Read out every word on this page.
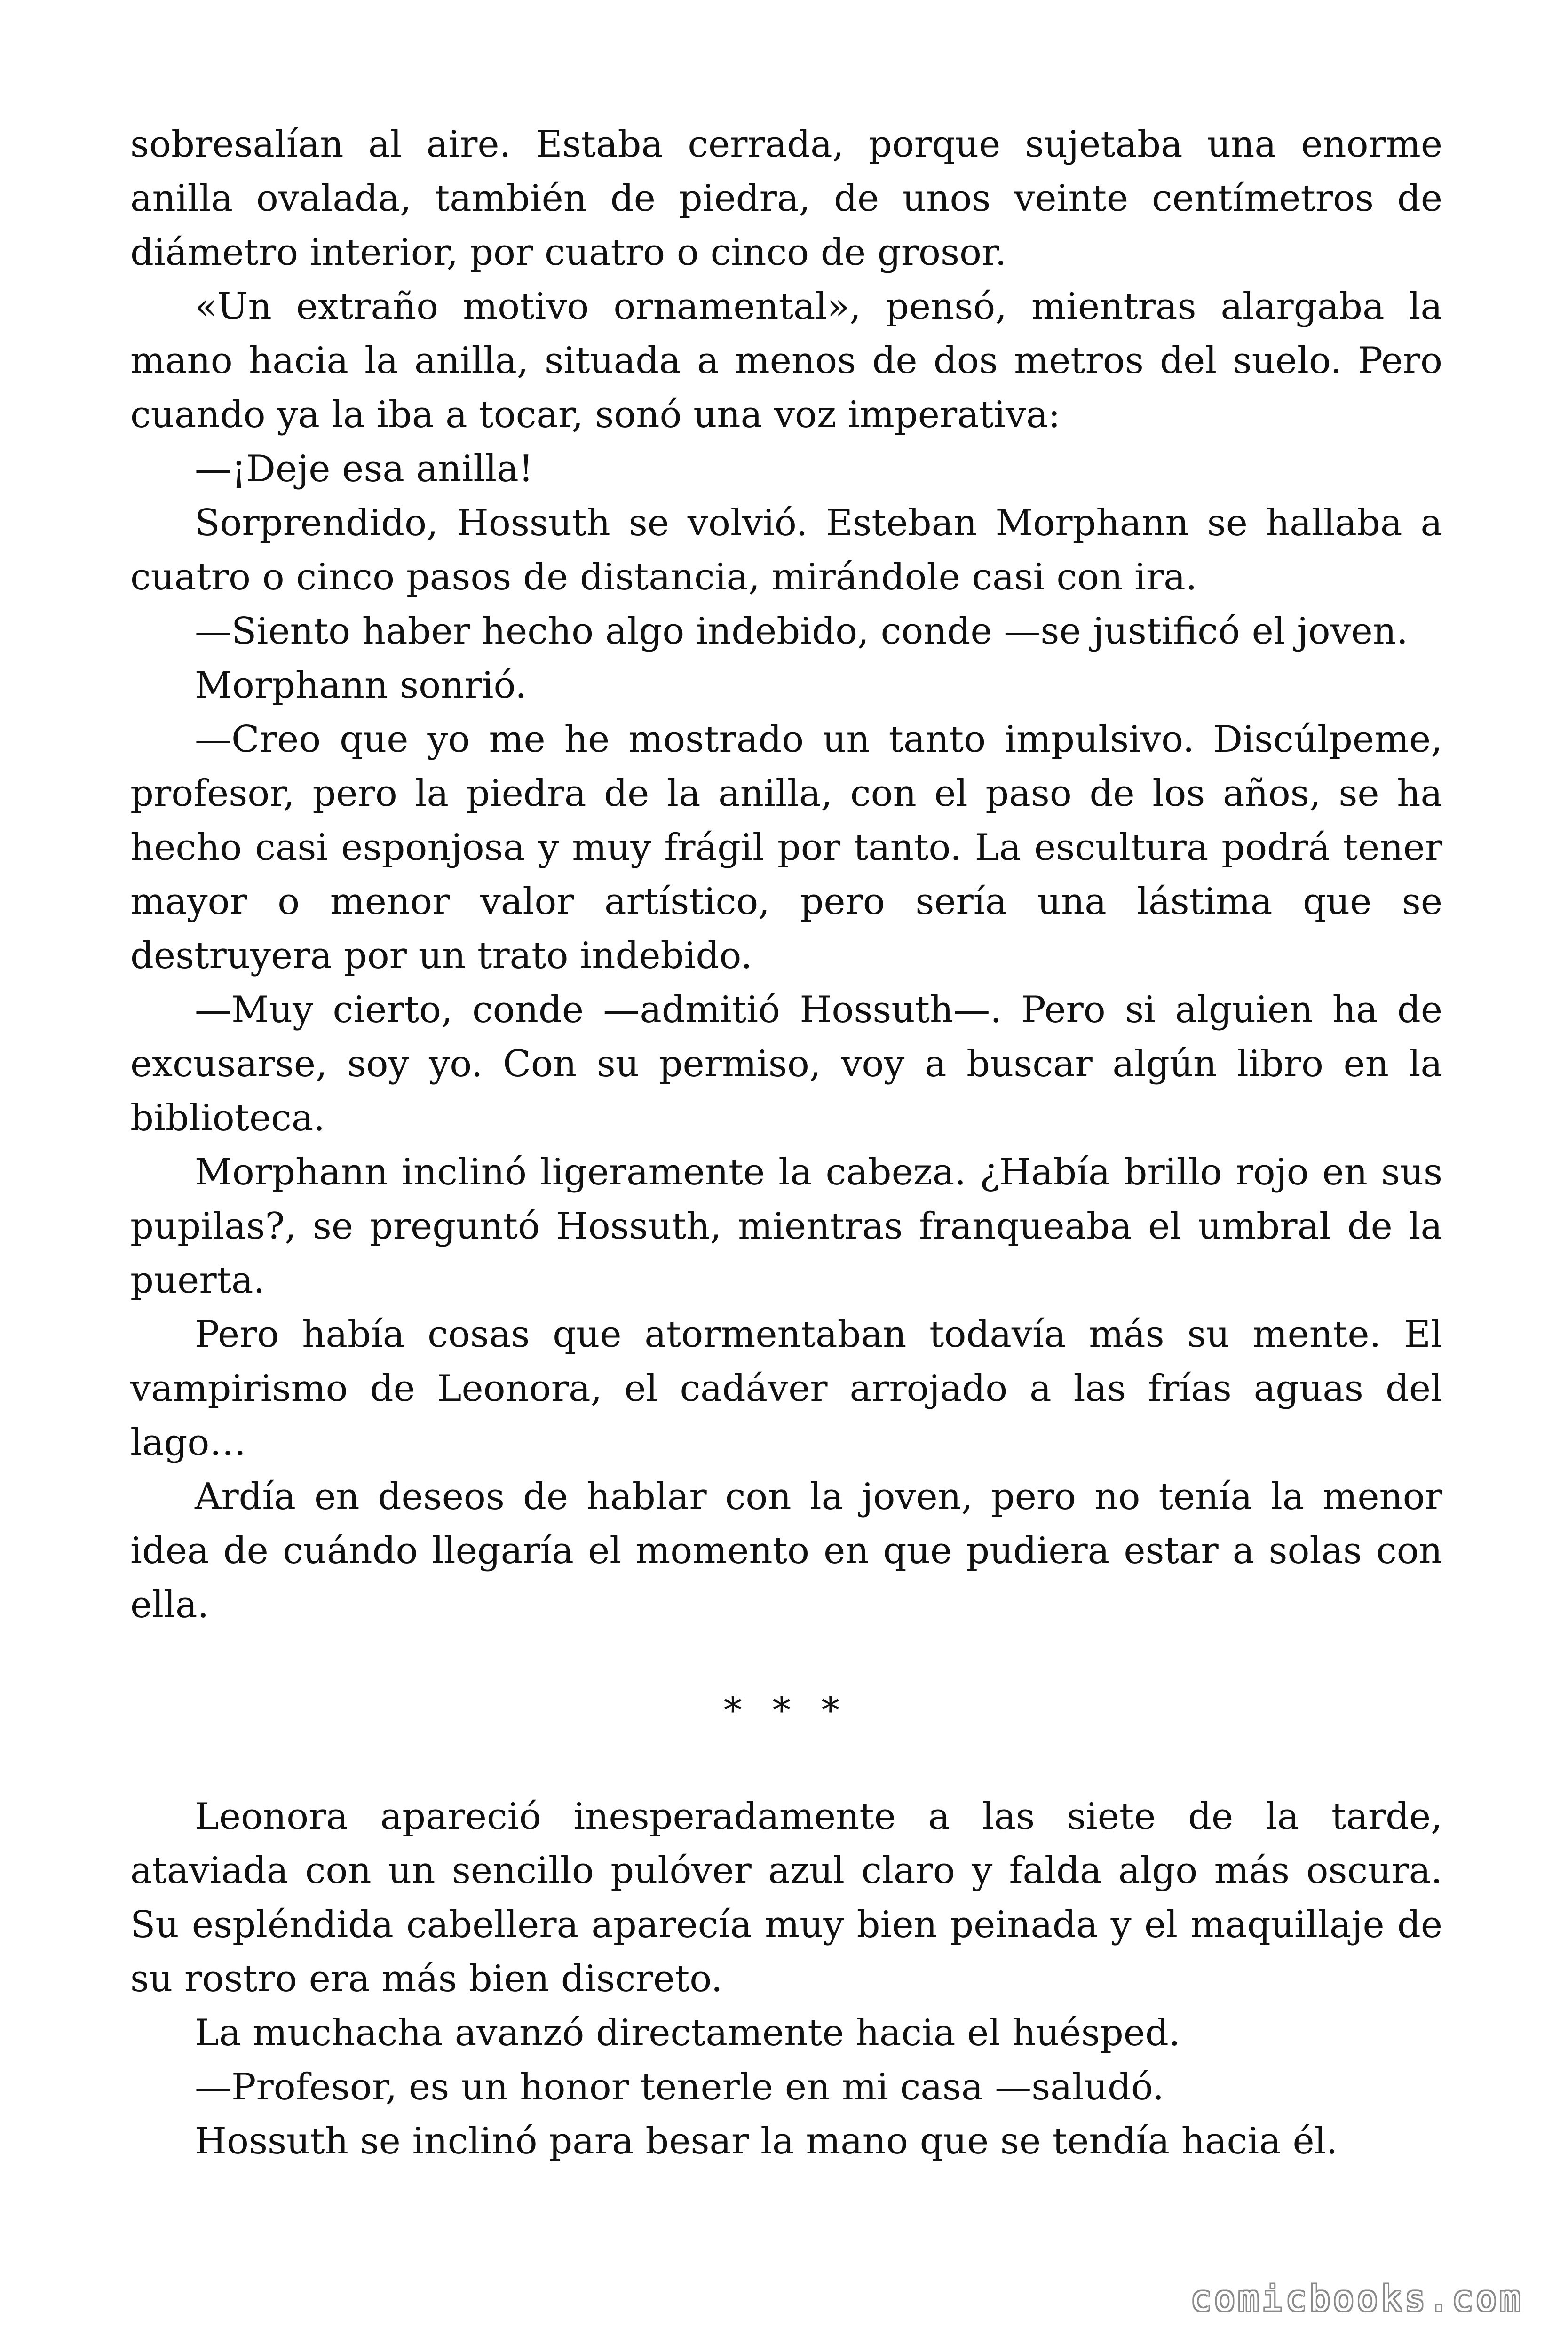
sobresalían al aire. Estaba cerrada, porque sujetaba una enorme anilla ovalada, también de piedra, de unos veinte centímetros de diámetro interior, por cuatro o cinco de grosor.

«Un extraño motivo ornamental», pensó, mientras alargaba la mano hacia la anilla, situada a menos de dos metros del suelo. Pero cuando ya la iba a tocar, sonó una voz imperativa:

—¡Deje esa anilla!

Sorprendido, Hossuth se volvió. Esteban Morphann se hallaba a cuatro o cinco pasos de distancia, mirándole casi con ira.

—Siento haber hecho algo indebido, conde —se justificó el joven.

Morphann sonrió.

—Creo que yo me he mostrado un tanto impulsivo. Discúlpeme, profesor, pero la piedra de la anilla, con el paso de los años, se ha hecho casi esponjosa y muy frágil por tanto. La escultura podrá tener mayor o menor valor artístico, pero sería una lástima que se destruyera por un trato indebido.

—Muy cierto, conde —admitió Hossuth—. Pero si alguien ha de excusarse, soy yo. Con su permiso, voy a buscar algún libro en la biblioteca.

Morphann inclinó ligeramente la cabeza. ¿Había brillo rojo en sus pupilas?, se preguntó Hossuth, mientras franqueaba el umbral de la puerta.

Pero había cosas que atormentaban todavía más su mente. El vampirismo de Leonora, el cadáver arrojado a las frías aguas del lago…

Ardía en deseos de hablar con la joven, pero no tenía la menor idea de cuándo llegaría el momento en que pudiera estar a solas con ella.

* * *

Leonora apareció inesperadamente a las siete de la tarde, ataviada con un sencillo pulóver azul claro y falda algo más oscura. Su espléndida cabellera aparecía muy bien peinada y el maquillaje de su rostro era más bien discreto.

La muchacha avanzó directamente hacia el huésped.

—Profesor, es un honor tenerle en mi casa —saludó.

Hossuth se inclinó para besar la mano que se tendía hacia él.

comicbooks.com
